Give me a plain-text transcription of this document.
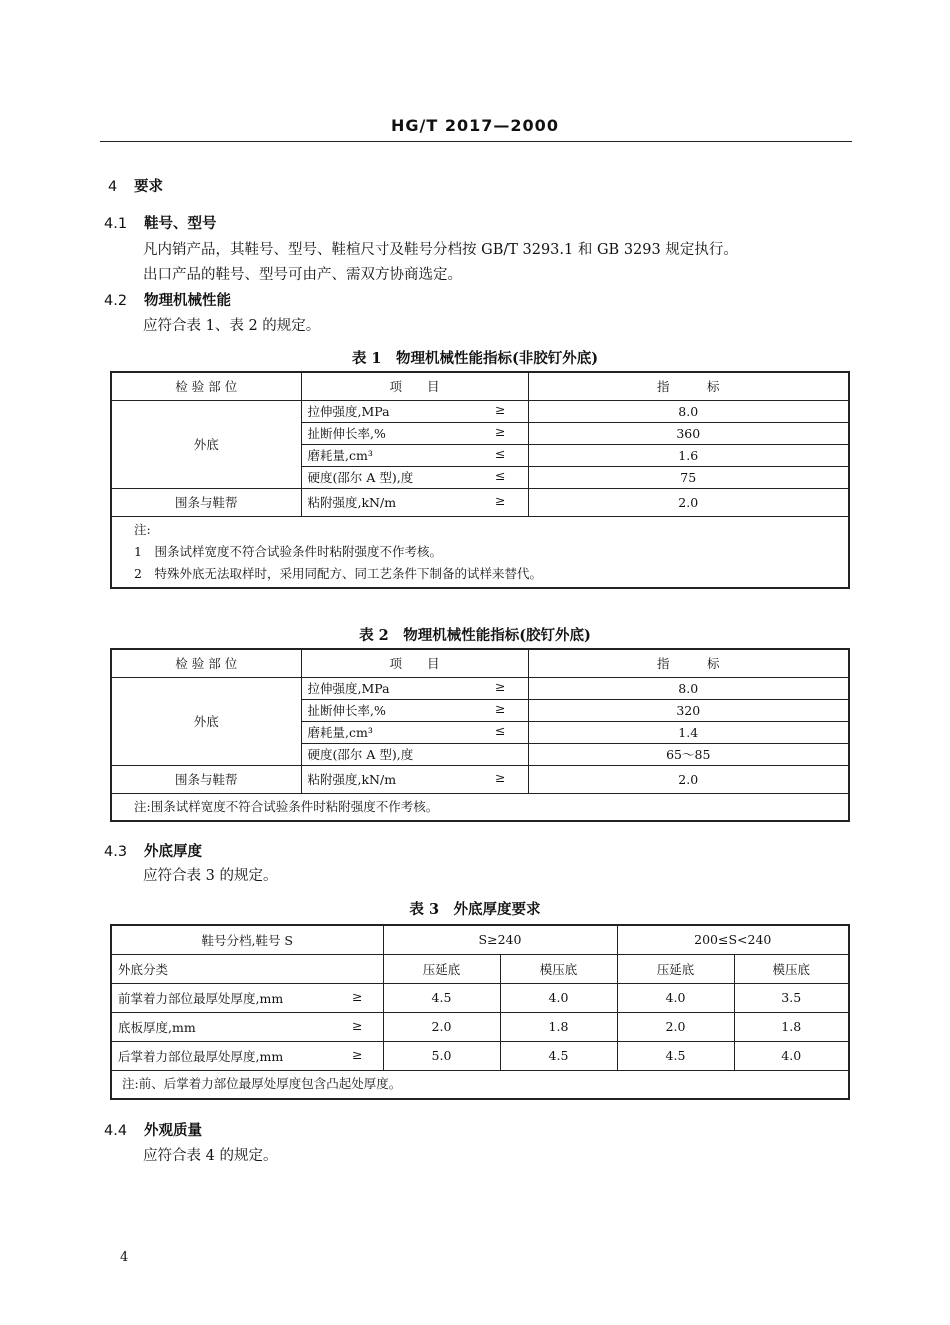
HG/T 2017—2000
4 要求
4.1 鞋号、型号
凡内销产品，其鞋号、型号、鞋楦尺寸及鞋号分档按 GB/T 3293.1 和 GB 3293 规定执行。
出口产品的鞋号、型号可由产、需双方协商选定。
4.2 物理机械性能
应符合表 1、表 2 的规定。
表 1　物理机械性能指标(非胶钉外底)
检 验 部 位	项　　目	指　　　标
外底	拉伸强度,MPa ≥	8.0
	扯断伸长率,% ≥	360
	磨耗量,cm³ ≤	1.6
	硬度(邵尔 A 型),度 ≤	75
围条与鞋帮	粘附强度,kN/m ≥	2.0

注:
1　围条试样宽度不符合试验条件时粘附强度不作考核。
2　特殊外底无法取样时，采用同配方、同工艺条件下制备的试样来替代。		
表 2　物理机械性能指标(胶钉外底)
检 验 部 位	项　　目	指　　　标
外底	拉伸强度,MPa ≥	8.0
	扯断伸长率,% ≥	320
	磨耗量,cm³ ≤	1.4
	硬度(邵尔 A 型),度	65～85
围条与鞋帮	粘附强度,kN/m ≥	2.0
注:围条试样宽度不符合试验条件时粘附强度不作考核。		
4.3 外底厚度
应符合表 3 的规定。
表 3　外底厚度要求
鞋号分档,鞋号 S	S≥240		200≤S<240	
外底分类	压延底	模压底	压延底	模压底
前掌着力部位最厚处厚度,mm ≥	4.5	4.0	4.0	3.5
底板厚度,mm ≥	2.0	1.8	2.0	1.8
后掌着力部位最厚处厚度,mm ≥	5.0	4.5	4.5	4.0
注:前、后掌着力部位最厚处厚度包含凸起处厚度。				
4.4 外观质量
应符合表 4 的规定。
4
